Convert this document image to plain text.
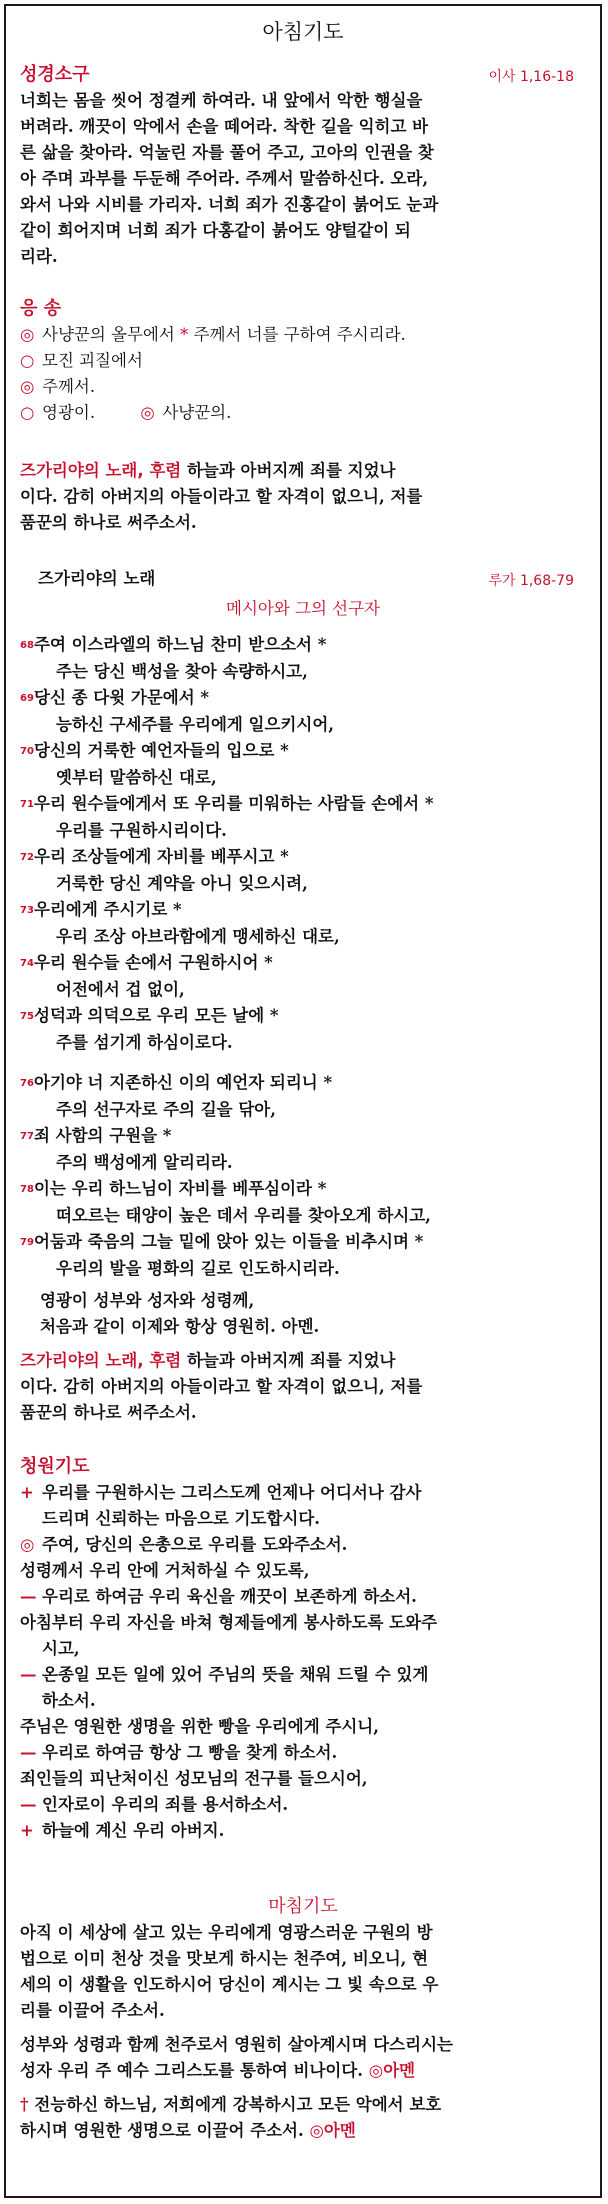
아침기도
성경소구	이사 1,16-18
너희는 몸을 씻어 정결케 하여라. 내 앞에서 악한 행실을
버려라. 깨끗이 악에서 손을 떼어라. 착한 길을 익히고 바
른 삶을 찾아라. 억눌린 자를 풀어 주고, 고아의 인권을 찾
아 주며 과부를 두둔해 주어라. 주께서 말씀하신다. 오라,
와서 나와 시비를 가리자. 너희 죄가 진홍같이 붉어도 눈과
같이 희어지며 너희 죄가 다홍같이 붉어도 양털같이 되
리라.
응 송
◎ 사냥꾼의 올무에서 * 주께서 너를 구하여 주시리라.
○ 모진 괴질에서
◎ 주께서.
○ 영광이.	◎ 사냥꾼의.
즈가리야의 노래, 후렴 하늘과 아버지께 죄를 지었나
이다. 감히 아버지의 아들이라고 할 자격이 없으니, 저를
품꾼의 하나로 써주소서.
즈가리야의 노래	루가 1,68-79
메시아와 그의 선구자
68주여 이스라엘의 하느님 찬미 받으소서 *
주는 당신 백성을 찾아 속량하시고,
69당신 종 다윗 가문에서 *
능하신 구세주를 우리에게 일으키시어,
70당신의 거룩한 예언자들의 입으로 *
옛부터 말씀하신 대로,
71우리 원수들에게서 또 우리를 미워하는 사람들 손에서 *
우리를 구원하시리이다.
72우리 조상들에게 자비를 베푸시고 *
거룩한 당신 계약을 아니 잊으시려,
73우리에게 주시기로 *
우리 조상 아브라함에게 맹세하신 대로,
74우리 원수들 손에서 구원하시어 *
어전에서 겁 없이,
75성덕과 의덕으로 우리 모든 날에 *
주를 섬기게 하심이로다.
76아기야 너 지존하신 이의 예언자 되리니 *
주의 선구자로 주의 길을 닦아,
77죄 사함의 구원을 *
주의 백성에게 알리리라.
78이는 우리 하느님이 자비를 베푸심이라 *
떠오르는 태양이 높은 데서 우리를 찾아오게 하시고,
79어둠과 죽음의 그늘 밑에 앉아 있는 이들을 비추시며 *
우리의 발을 평화의 길로 인도하시리라.
영광이 성부와 성자와 성령께,
처음과 같이 이제와 항상 영원히. 아멘.
즈가리야의 노래, 후렴 하늘과 아버지께 죄를 지었나
이다. 감히 아버지의 아들이라고 할 자격이 없으니, 저를
품꾼의 하나로 써주소서.
청원기도
+ 우리를 구원하시는 그리스도께 언제나 어디서나 감사
드리며 신뢰하는 마음으로 기도합시다.
◎ 주여, 당신의 은총으로 우리를 도와주소서.
성령께서 우리 안에 거처하실 수 있도록,
— 우리로 하여금 우리 육신을 깨끗이 보존하게 하소서.
아침부터 우리 자신을 바쳐 형제들에게 봉사하도록 도와주
시고,
— 온종일 모든 일에 있어 주님의 뜻을 채워 드릴 수 있게
하소서.
주님은 영원한 생명을 위한 빵을 우리에게 주시니,
— 우리로 하여금 항상 그 빵을 찾게 하소서.
죄인들의 피난처이신 성모님의 전구를 들으시어,
— 인자로이 우리의 죄를 용서하소서.
+ 하늘에 계신 우리 아버지.
마침기도
아직 이 세상에 살고 있는 우리에게 영광스러운 구원의 방
법으로 이미 천상 것을 맛보게 하시는 천주여, 비오니, 현
세의 이 생활을 인도하시어 당신이 계시는 그 빛 속으로 우
리를 이끌어 주소서.
성부와 성령과 함께 천주로서 영원히 살아계시며 다스리시는
성자 우리 주 예수 그리스도를 통하여 비나이다. ◎아멘
† 전능하신 하느님, 저희에게 강복하시고 모든 악에서 보호
하시며 영원한 생명으로 이끌어 주소서. ◎아멘
